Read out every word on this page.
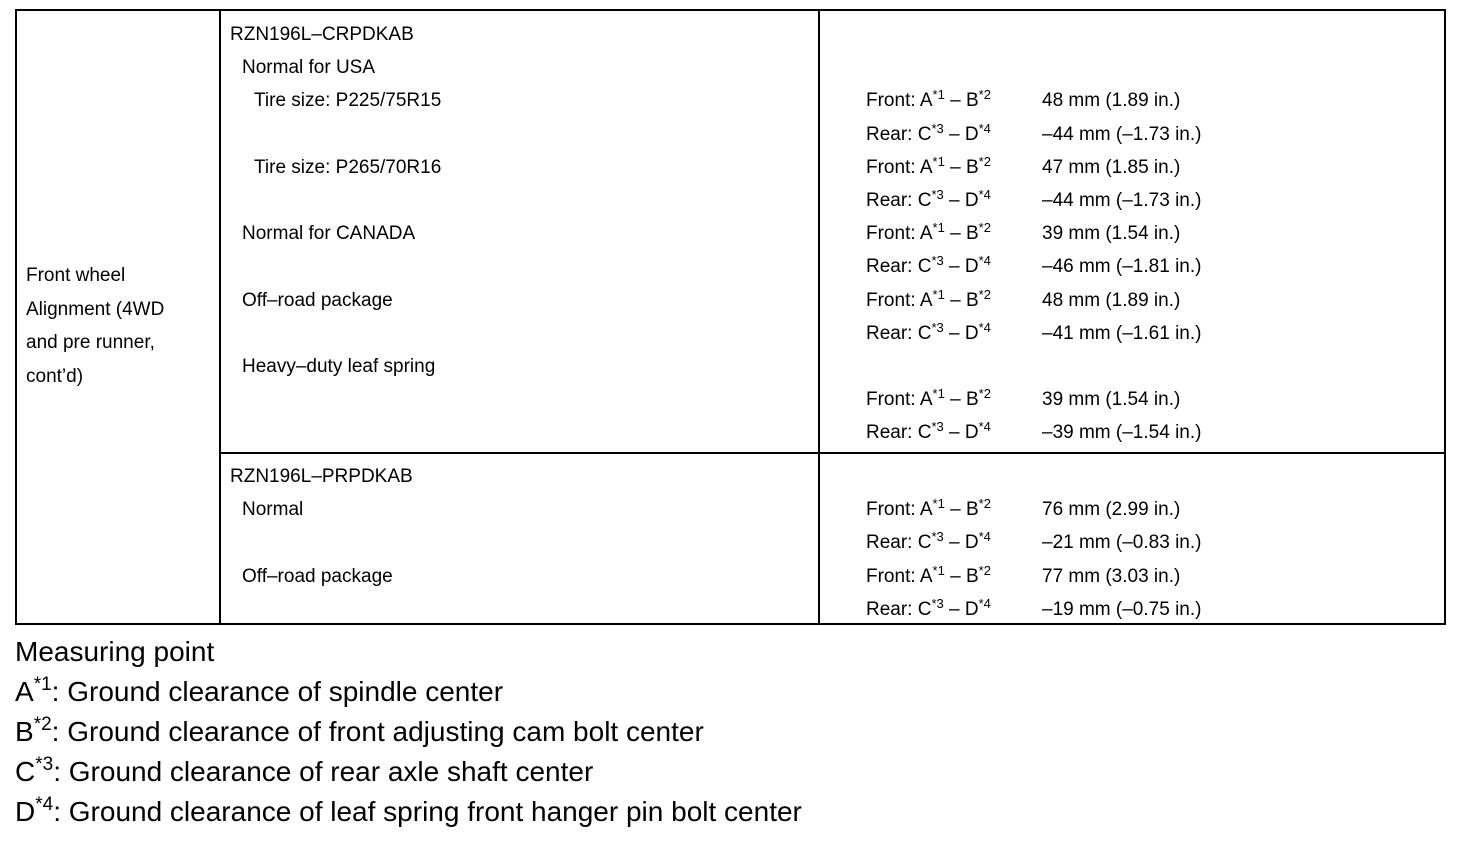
Front wheel
Alignment (4WD
and pre runner,
cont’d)
RZN196L–CRPDKAB
Normal for USA
Tire size: P225/75R15	Front: $A^{*1} - B^{*2}$	48 mm (1.89 in.)
Rear: $C^{*3} - D^{*4}$	–44 mm (–1.73 in.)
Tire size: P265/70R16	Front: $A^{*1} - B^{*2}$	47 mm (1.85 in.)
Rear: $C^{*3} - D^{*4}$	–44 mm (–1.73 in.)
Normal for CANADA	Front: $A^{*1} - B^{*2}$	39 mm (1.54 in.)
Rear: $C^{*3} - D^{*4}$	–46 mm (–1.81 in.)
Off–road package	Front: $A^{*1} - B^{*2}$	48 mm (1.89 in.)
Rear: $C^{*3} - D^{*4}$	–41 mm (–1.61 in.)
Heavy–duty leaf spring
Front: $A^{*1} - B^{*2}$	39 mm (1.54 in.)
Rear: $C^{*3} - D^{*4}$	–39 mm (–1.54 in.)
RZN196L–PRPDKAB
Normal	Front: $A^{*1} - B^{*2}$	76 mm (2.99 in.)
Rear: $C^{*3} - D^{*4}$	–21 mm (–0.83 in.)
Off–road package	Front: $A^{*1} - B^{*2}$	77 mm (3.03 in.)
Rear: $C^{*3} - D^{*4}$	–19 mm (–0.75 in.)
Measuring point
$A^{*1}$: Ground clearance of spindle center
$B^{*2}$: Ground clearance of front adjusting cam bolt center
$C^{*3}$: Ground clearance of rear axle shaft center
$D^{*4}$: Ground clearance of leaf spring front hanger pin bolt center
